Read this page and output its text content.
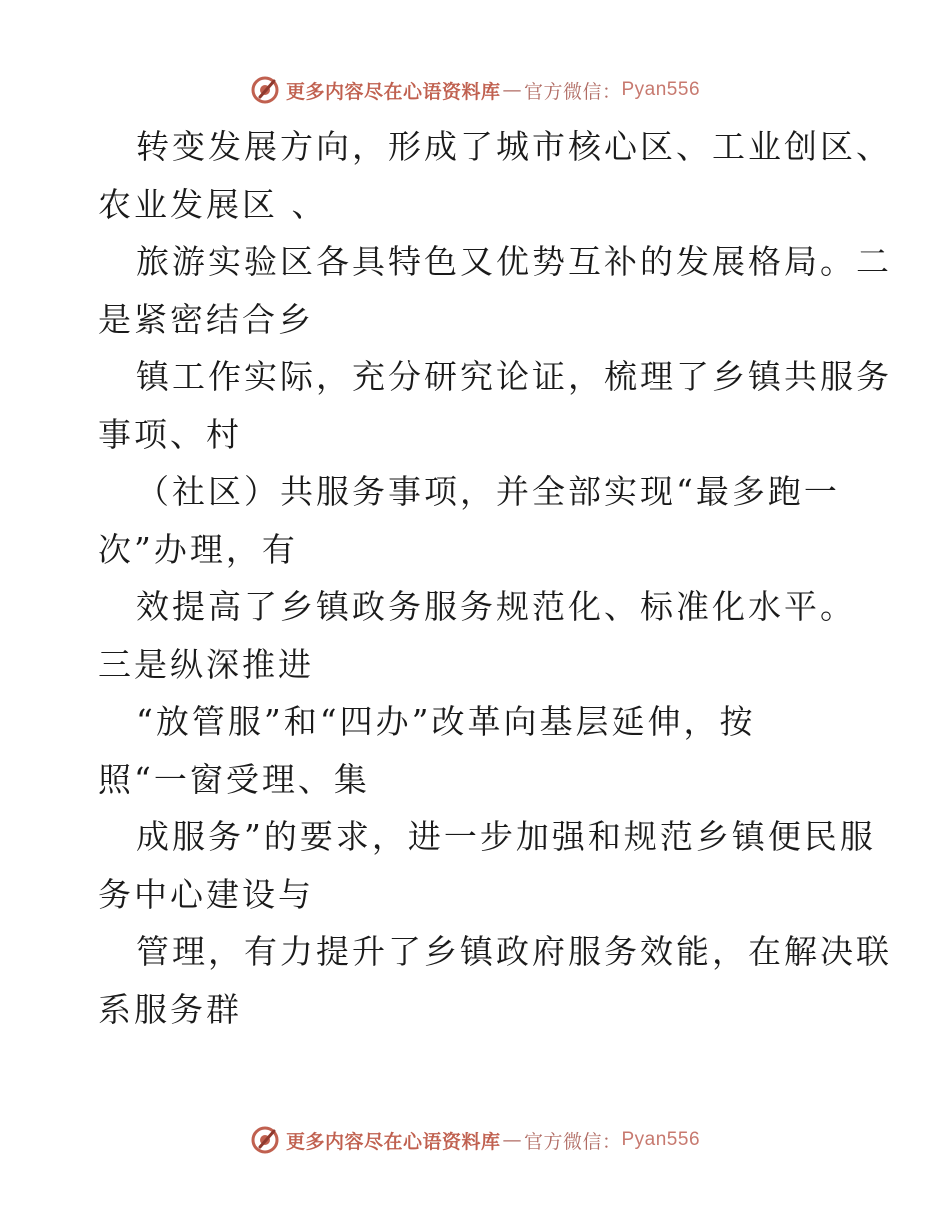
更多内容尽在心语资料库 — 官方微信： Pyan556
转变发展方向，形成了城市核心区、工业创区、
农业发展区 、
旅游实验区各具特色又优势互补的发展格局。二
是紧密结合乡
镇工作实际，充分研究论证，梳理了乡镇共服务
事项、村
（社区）共服务事项，并全部实现“最多跑一
次”办理，有
效提高了乡镇政务服务规范化、标准化水平。
三是纵深推进
“放管服”和“四办”改革向基层延伸，按
照“一窗受理、集
成服务”的要求，进一步加强和规范乡镇便民服
务中心建设与
管理，有力提升了乡镇政府服务效能，在解决联
系服务群
更多内容尽在心语资料库 — 官方微信： Pyan556
